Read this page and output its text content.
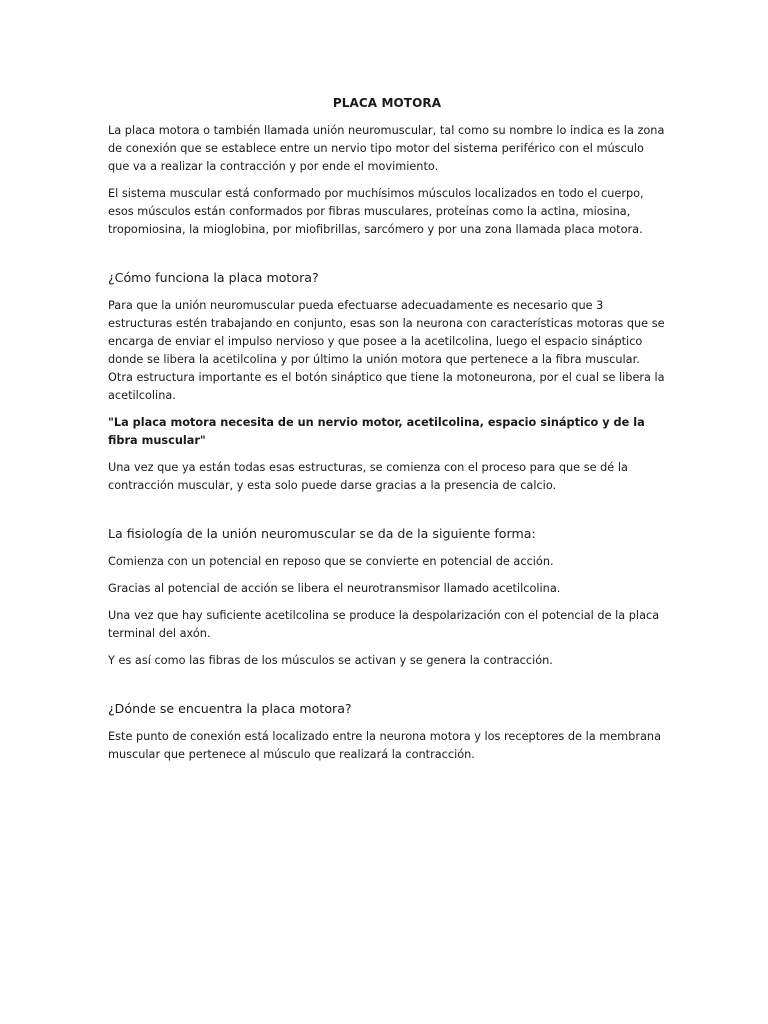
PLACA MOTORA

La placa motora o también llamada unión neuromuscular, tal como su nombre lo indica es la zona de conexión que se establece entre un nervio tipo motor del sistema periférico con el músculo que va a realizar la contracción y por ende el movimiento.

El sistema muscular está conformado por muchísimos músculos localizados en todo el cuerpo, esos músculos están conformados por fibras musculares, proteínas como la actina, miosina, tropomiosina, la mioglobina, por miofibrillas, sarcómero y por una zona llamada placa motora.

¿Cómo funciona la placa motora?

Para que la unión neuromuscular pueda efectuarse adecuadamente es necesario que 3 estructuras estén trabajando en conjunto, esas son la neurona con características motoras que se encarga de enviar el impulso nervioso y que posee a la acetilcolina, luego el espacio sináptico donde se libera la acetilcolina y por último la unión motora que pertenece a la fibra muscular. Otra estructura importante es el botón sináptico que tiene la motoneurona, por el cual se libera la acetilcolina.

"La placa motora necesita de un nervio motor, acetilcolina, espacio sináptico y de la fibra muscular"

Una vez que ya están todas esas estructuras, se comienza con el proceso para que se dé la contracción muscular, y esta solo puede darse gracias a la presencia de calcio.

La fisiología de la unión neuromuscular se da de la siguiente forma:

Comienza con un potencial en reposo que se convierte en potencial de acción.

Gracias al potencial de acción se libera el neurotransmisor llamado acetilcolina.

Una vez que hay suficiente acetilcolina se produce la despolarización con el potencial de la placa terminal del axón.

Y es así como las fibras de los músculos se activan y se genera la contracción.

¿Dónde se encuentra la placa motora?

Este punto de conexión está localizado entre la neurona motora y los receptores de la membrana muscular que pertenece al músculo que realizará la contracción.
